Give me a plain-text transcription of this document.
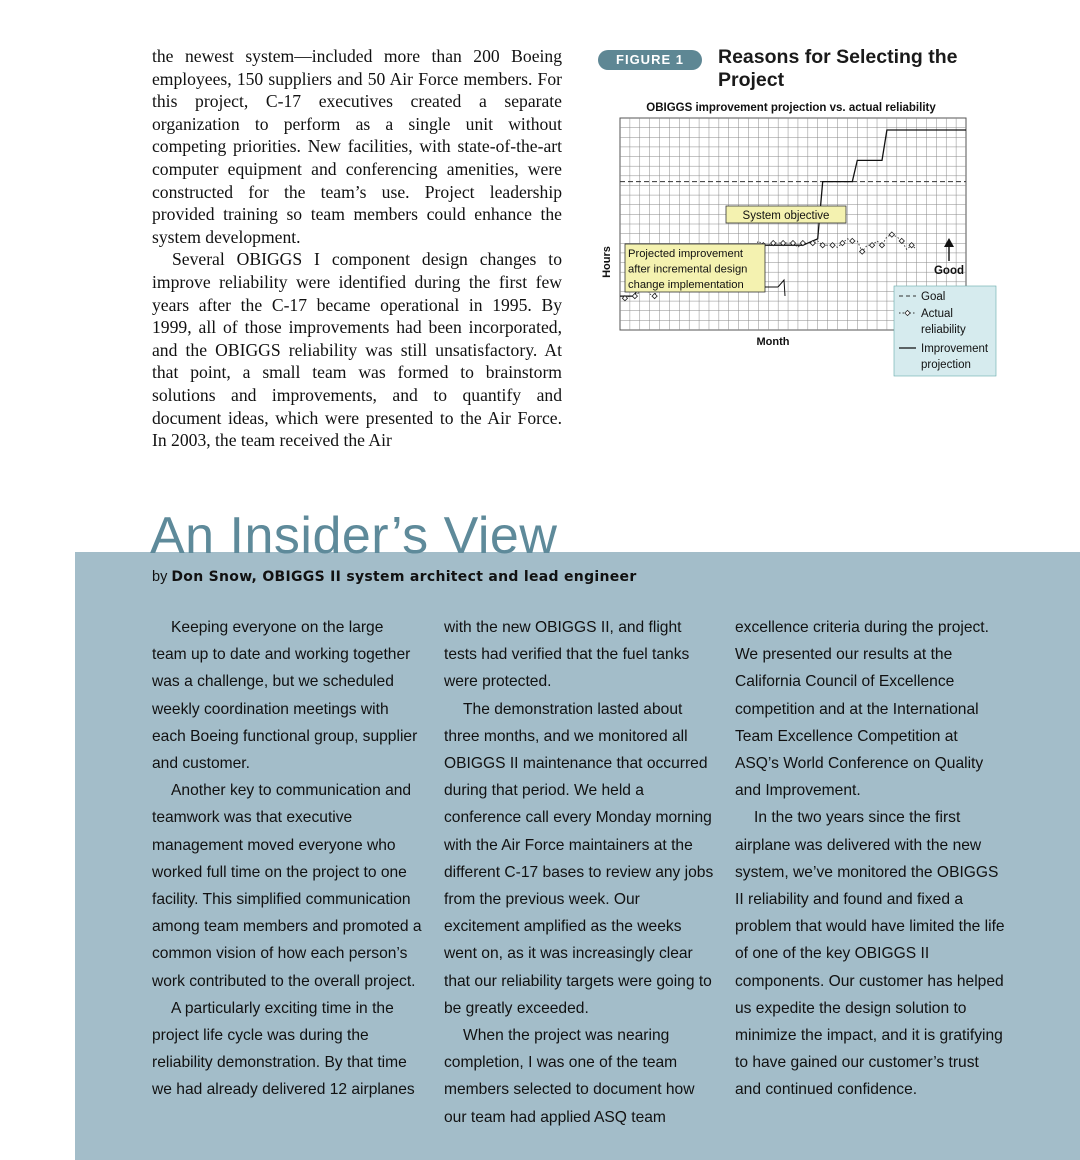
the newest system—included more than 200 Boeing employees, 150 suppliers and 50 Air Force members. For this project, C-17 executives created a separate organization to perform as a single unit without competing priorities. New facilities, with state-of-the-art computer equipment and conferencing amenities, were constructed for the team’s use. Project leadership provided training so team members could enhance the system development.

Several OBIGGS I component design changes to improve reliability were identified during the first few years after the C-17 became operational in 1995. By 1999, all of those improvements had been incorporated, and the OBIGGS reliability was still unsatisfactory. At that point, a small team was formed to brainstorm solutions and improvements, and to quantify and document ideas, which were presented to the Air Force. In 2003, the team received the Air

FIGURE 1	Reasons for Selecting the Project
OBIGGS improvement projection vs. actual reliability
Month
Hours
System objective
Projected improvement
after incremental design
change implementation
Good
Goal
Actual
reliability
Improvement
projection
An Insider’s View
by Don Snow, OBIGGS II system architect and lead engineer

Keeping everyone on the large team up to date and working together was a challenge, but we scheduled weekly coordination meetings with each Boeing functional group, supplier and customer.

Another key to communication and teamwork was that executive management moved everyone who worked full time on the project to one facility. This simplified communication among team members and promoted a common vision of how each person’s work contributed to the overall project.

A particularly exciting time in the project life cycle was during the reliability demonstration. By that time we had already delivered 12 airplanes

with the new OBIGGS II, and flight tests had verified that the fuel tanks were protected.

The demonstration lasted about three months, and we monitored all OBIGGS II maintenance that occurred during that period. We held a conference call every Monday morning with the Air Force maintainers at the different C-17 bases to review any jobs from the previous week. Our excitement amplified as the weeks went on, as it was increasingly clear that our reliability targets were going to be greatly exceeded.

When the project was nearing completion, I was one of the team members selected to document how our team had applied ASQ team

excellence criteria during the project. We presented our results at the California Council of Excellence competition and at the International Team Excellence Competition at ASQ’s World Conference on Quality and Improvement.

In the two years since the first airplane was delivered with the new system, we’ve monitored the OBIGGS II reliability and found and fixed a problem that would have limited the life of one of the key OBIGGS II components. Our customer has helped us expedite the design solution to minimize the impact, and it is gratifying to have gained our customer’s trust and continued confidence.
